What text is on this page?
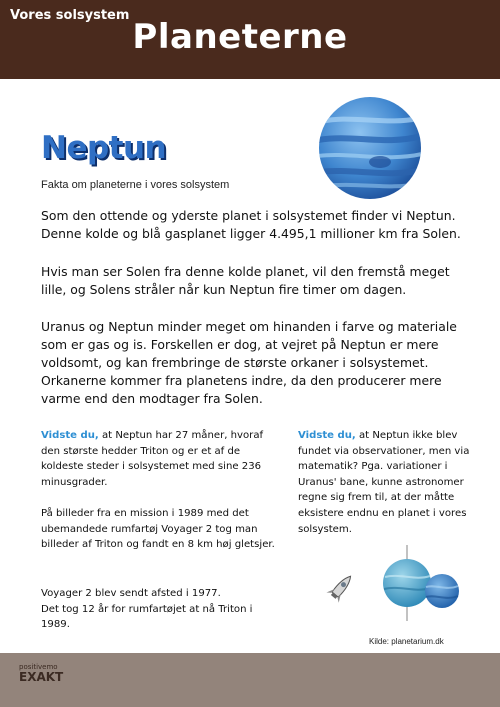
Vores solsystem
Planeterne
Neptun
Fakta om planeterne i vores solsystem
Som den ottende og yderste planet i solsystemet finder vi Neptun. Denne kolde og blå gasplanet ligger 4.495,1 millioner km fra Solen.
Hvis man ser Solen fra denne kolde planet, vil den fremstå meget lille, og Solens stråler når kun Neptun fire timer om dagen.
Uranus og Neptun minder meget om hinanden i farve og materiale som er gas og is. Forskellen er dog, at vejret på Neptun er mere voldsomt, og kan frembringe de største orkaner i solsystemet. Orkanerne kommer fra planetens indre, da den producerer mere varme end den modtager fra Solen.
Vidste du, at Neptun har 27 måner, hvoraf den største hedder Triton og er et af de koldeste steder i solsystemet med sine 236 minusgrader.
På billeder fra en mission i 1989 med det ubemandede rumfartøj Voyager 2 tog man billeder af Triton og fandt en 8 km høj gletsjer.
Voyager 2 blev sendt afsted i 1977.
Det tog 12 år for rumfartøjet at nå Triton i 1989.
Vidste du, at Neptun ikke blev fundet via observationer, men via matematik? Pga. variationer i Uranus' bane, kunne astronomer regne sig frem til, at der måtte eksistere endnu en planet i vores solsystem.
Kilde: planetarium.dk
positivemo
EXAKT
